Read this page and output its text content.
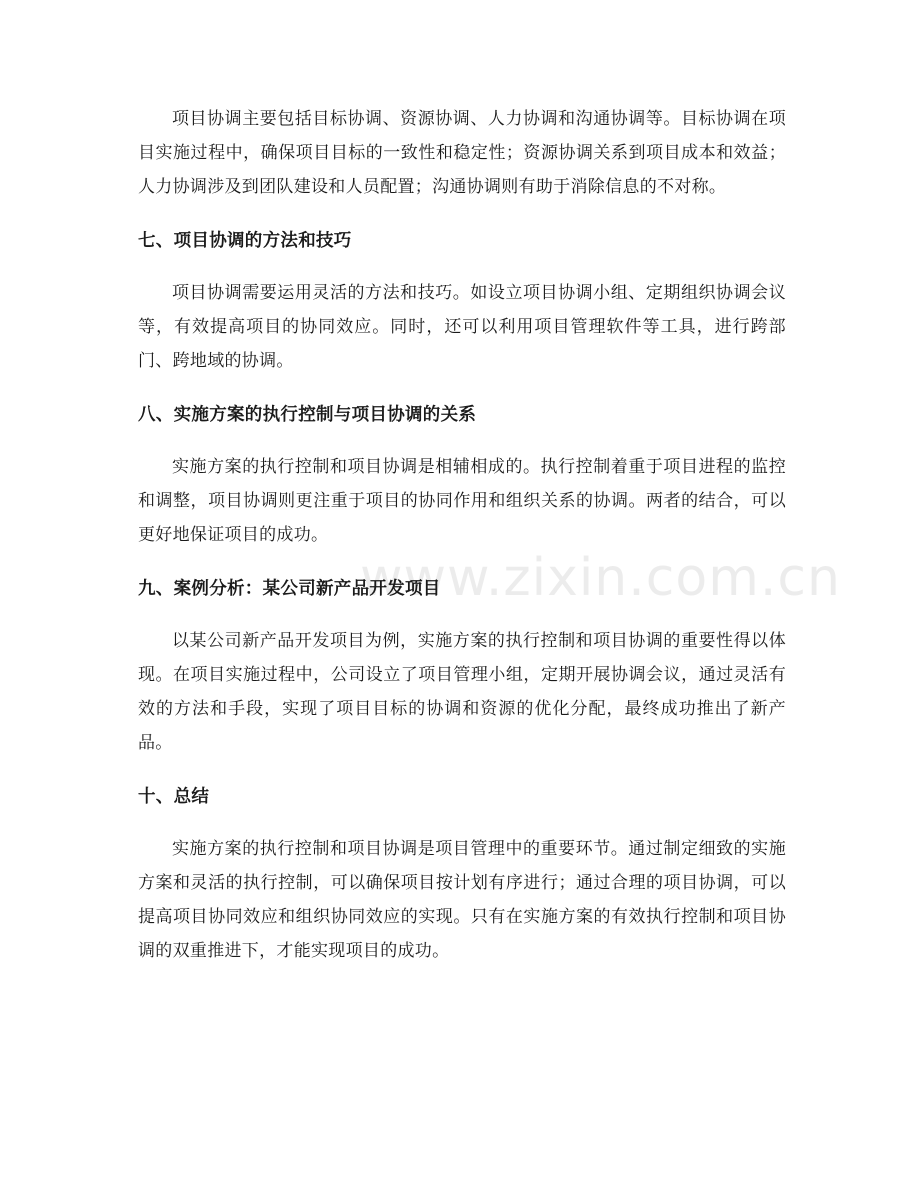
www.zixin.com.cn

项目协调主要包括目标协调、资源协调、人力协调和沟通协调等。目标协调在项目实施过程中，确保项目目标的一致性和稳定性；资源协调关系到项目成本和效益；人力协调涉及到团队建设和人员配置；沟通协调则有助于消除信息的不对称。

七、项目协调的方法和技巧

项目协调需要运用灵活的方法和技巧。如设立项目协调小组、定期组织协调会议等，有效提高项目的协同效应。同时，还可以利用项目管理软件等工具，进行跨部门、跨地域的协调。

八、实施方案的执行控制与项目协调的关系

实施方案的执行控制和项目协调是相辅相成的。执行控制着重于项目进程的监控和调整，项目协调则更注重于项目的协同作用和组织关系的协调。两者的结合，可以更好地保证项目的成功。

九、案例分析：某公司新产品开发项目

以某公司新产品开发项目为例，实施方案的执行控制和项目协调的重要性得以体现。在项目实施过程中，公司设立了项目管理小组，定期开展协调会议，通过灵活有效的方法和手段，实现了项目目标的协调和资源的优化分配，最终成功推出了新产品。

十、总结

实施方案的执行控制和项目协调是项目管理中的重要环节。通过制定细致的实施方案和灵活的执行控制，可以确保项目按计划有序进行；通过合理的项目协调，可以提高项目协同效应和组织协同效应的实现。只有在实施方案的有效执行控制和项目协调的双重推进下，才能实现项目的成功。
